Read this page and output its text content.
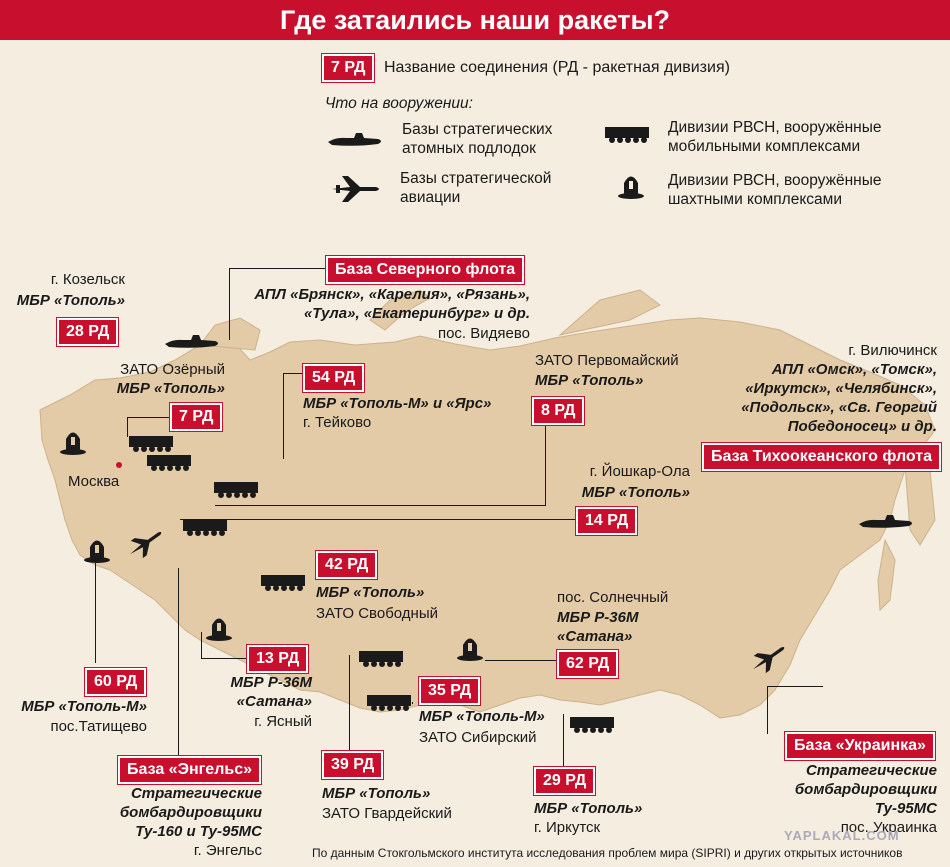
Где затаились наши ракеты?
7 РД	Название соединения (РД - ракетная дивизия)
Что на вооружении:
Базы стратегических
атомных подлодок
Базы стратегической
авиации
Дивизии РВСН, вооружённые
мобильными комплексами
Дивизии РВСН, вооружённые
шахтными комплексами
г. Козельск
МБР «Тополь»
28 РД
ЗАТО Озёрный
МБР «Тополь»
7 РД
Москва
База Северного флота
АПЛ «Брянск», «Карелия», «Рязань»,
«Тула», «Екатеринбург» и др.
пос. Видяево
54 РД
МБР «Тополь-М» и «Ярс»
г. Тейково
ЗАТО Первомайский
МБР «Тополь»
8 РД
г. Йошкар-Ола
МБР «Тополь»
14 РД
г. Вилючинск
АПЛ «Омск», «Томск»,
«Иркутск», «Челябинск»,
«Подольск», «Св. Георгий
Победоносец» и др.
База Тихоокеанского флота
42 РД
МБР «Тополь»
ЗАТО Свободный
пос. Солнечный
МБР Р-36М
«Сатана»
62 РД
60 РД
МБР «Тополь-М»
пос.Татищево
13 РД
МБР Р-36М
«Сатана»
г. Ясный
35 РД
МБР «Тополь-М»
ЗАТО Сибирский
39 РД
МБР «Тополь»
ЗАТО Гвардейский
29 РД
МБР «Тополь»
г. Иркутск
База «Энгельс»
Стратегические
бомбардировщики
Ту-160 и Ту-95МС
г. Энгельс
База «Украинка»
Стратегические
бомбардировщики
Ту-95МС
пос. Украинка
YAPLAKAL.COM
По данным Стокгольмского института исследования проблем мира (SIPRI) и других открытых источников
